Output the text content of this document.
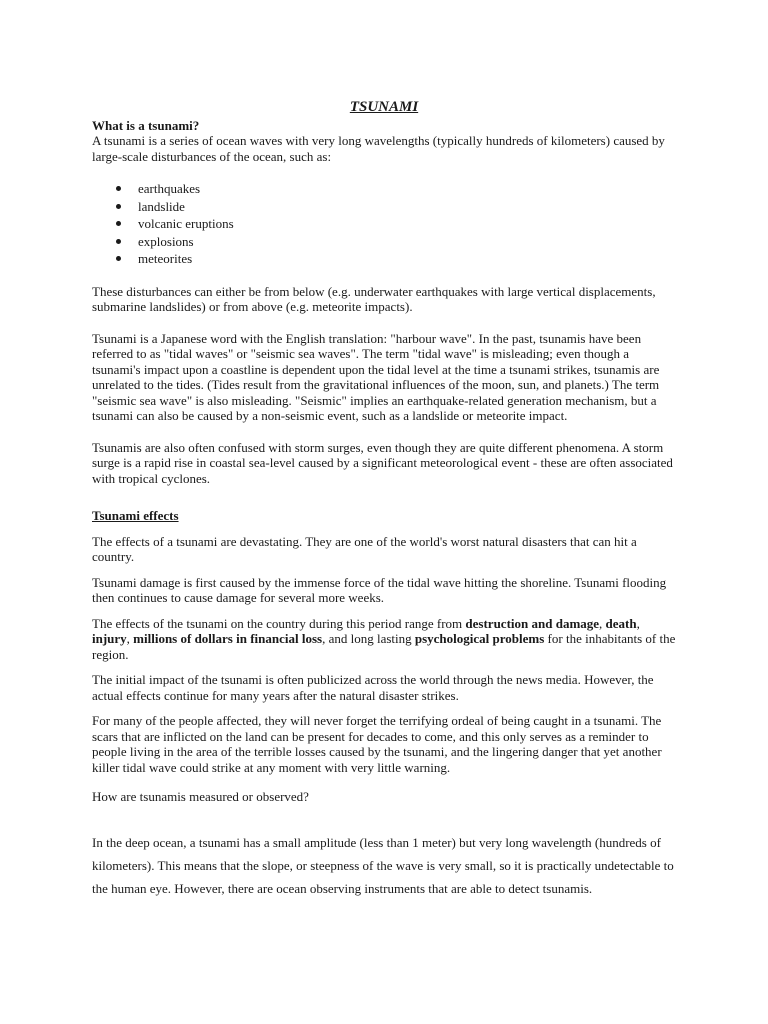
TSUNAMI

What is a tsunami?

A tsunami is a series of ocean waves with very long wavelengths (typically hundreds of kilometers) caused by large-scale disturbances of the ocean, such as:

earthquakes
landslide
volcanic eruptions
explosions
meteorites

These disturbances can either be from below (e.g. underwater earthquakes with large vertical displacements, submarine landslides) or from above (e.g. meteorite impacts).

Tsunami is a Japanese word with the English translation: "harbour wave". In the past, tsunamis have been referred to as "tidal waves" or "seismic sea waves". The term "tidal wave" is misleading; even though a tsunami's impact upon a coastline is dependent upon the tidal level at the time a tsunami strikes, tsunamis are unrelated to the tides. (Tides result from the gravitational influences of the moon, sun, and planets.) The term "seismic sea wave" is also misleading. "Seismic" implies an earthquake-related generation mechanism, but a tsunami can also be caused by a non-seismic event, such as a landslide or meteorite impact.

Tsunamis are also often confused with storm surges, even though they are quite different phenomena. A storm surge is a rapid rise in coastal sea-level caused by a significant meteorological event - these are often associated with tropical cyclones.

Tsunami effects

The effects of a tsunami are devastating. They are one of the world's worst natural disasters that can hit a country.

Tsunami damage is first caused by the immense force of the tidal wave hitting the shoreline. Tsunami flooding then continues to cause damage for several more weeks.

The effects of the tsunami on the country during this period range from destruction and damage, death, injury, millions of dollars in financial loss, and long lasting psychological problems for the inhabitants of the region.

The initial impact of the tsunami is often publicized across the world through the news media. However, the actual effects continue for many years after the natural disaster strikes.

For many of the people affected, they will never forget the terrifying ordeal of being caught in a tsunami. The scars that are inflicted on the land can be present for decades to come, and this only serves as a reminder to people living in the area of the terrible losses caused by the tsunami, and the lingering danger that yet another killer tidal wave could strike at any moment with very little warning.

How are tsunamis measured or observed?

In the deep ocean, a tsunami has a small amplitude (less than 1 meter) but very long wavelength (hundreds of kilometers). This means that the slope, or steepness of the wave is very small, so it is practically undetectable to the human eye. However, there are ocean observing instruments that are able to detect tsunamis.
